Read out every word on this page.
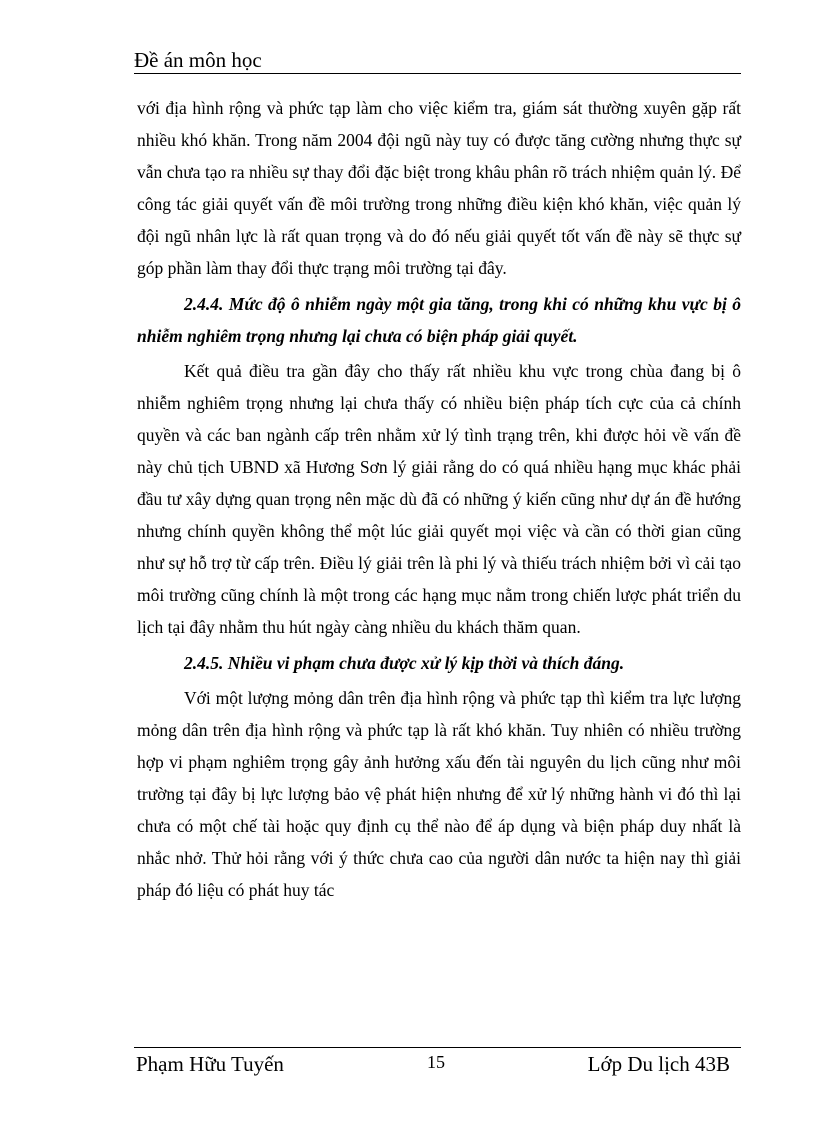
Đề án môn học

với địa hình rộng và phức tạp làm cho việc kiểm tra, giám sát thường xuyên gặp rất nhiều khó khăn. Trong năm 2004 đội ngũ này tuy có được tăng cường nhưng thực sự vẫn chưa tạo ra nhiều sự thay đổi đặc biệt trong khâu phân rõ trách nhiệm quản lý. Để công tác giải quyết vấn đề môi trường trong những điều kiện khó khăn, việc quản lý đội ngũ nhân lực là rất quan trọng và do đó nếu giải quyết tốt vấn đề này sẽ thực sự góp phần làm thay đổi thực trạng môi trường tại đây.

2.4.4. Mức độ ô nhiễm ngày một gia tăng, trong khi có những khu vực bị ô nhiễm nghiêm trọng nhưng lại chưa có biện pháp giải quyết.

Kết quả điều tra gần đây cho thấy rất nhiều khu vực trong chùa đang bị ô nhiễm nghiêm trọng nhưng lại chưa thấy có nhiều biện pháp tích cực của cả chính quyền và các ban ngành cấp trên nhằm xử lý tình trạng trên, khi được hỏi về vấn đề này chủ tịch UBND xã Hương Sơn lý giải rằng do có quá nhiều hạng mục khác phải đầu tư xây dựng quan trọng nên mặc dù đã có những ý kiến cũng như dự án đề hướng nhưng chính quyền không thể một lúc giải quyết mọi việc và cần có thời gian cũng như sự hỗ trợ từ cấp trên. Điều lý giải trên là phi lý và thiếu trách nhiệm bởi vì cải tạo môi trường cũng chính là một trong các hạng mục nằm trong chiến lược phát triển du lịch tại đây nhằm thu hút ngày càng nhiều du khách thăm quan.

2.4.5. Nhiều vi phạm chưa được xử lý kịp thời và thích đáng.

Với một lượng mỏng dân trên địa hình rộng và phức tạp thì kiểm tra lực lượng mỏng dân trên địa hình rộng và phức tạp là rất khó khăn. Tuy nhiên có nhiều trường hợp vi phạm nghiêm trọng gây ảnh hưởng xấu đến tài nguyên du lịch cũng như môi trường tại đây bị lực lượng bảo vệ phát hiện nhưng để xử lý những hành vi đó thì lại chưa có một chế tài hoặc quy định cụ thể nào để áp dụng và biện pháp duy nhất là nhắc nhở. Thử hỏi rằng với ý thức chưa cao của người dân nước ta hiện nay thì giải pháp đó liệu có phát huy tác

Phạm Hữu Tuyến	15	Lớp Du lịch 43B
